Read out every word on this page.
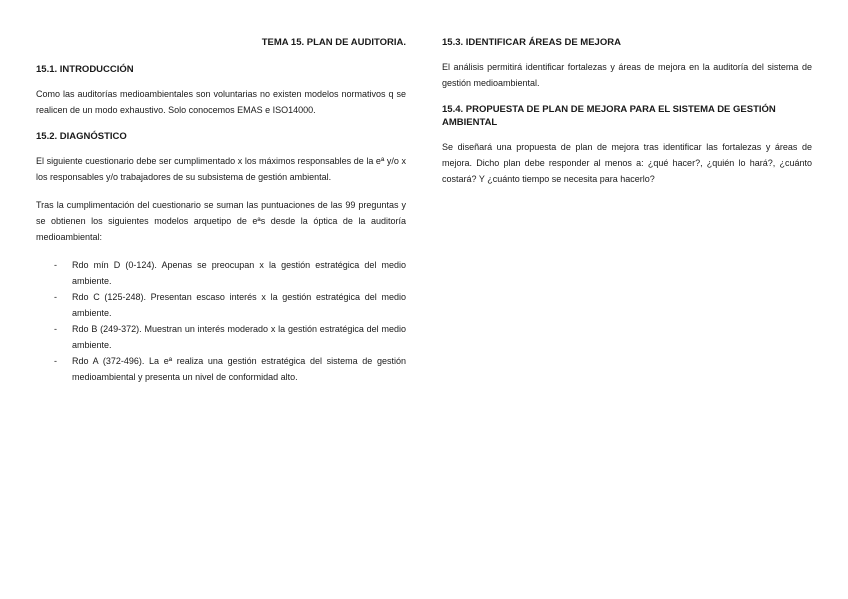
TEMA 15. PLAN DE AUDITORIA.
15.1. INTRODUCCIÓN

Como las auditorías medioambientales son voluntarias no existen modelos normativos q se realicen de un modo exhaustivo. Solo conocemos EMAS e ISO14000.

15.2. DIAGNÓSTICO

El siguiente cuestionario debe ser cumplimentado x los máximos responsables de la eª y/o x los responsables y/o trabajadores de su subsistema de gestión ambiental.

Tras la cumplimentación del cuestionario se suman las puntuaciones de las 99 preguntas y se obtienen los siguientes modelos arquetipo de eªs desde la óptica de la auditoría medioambiental:

- Rdo mín D (0-124). Apenas se preocupan x la gestión estratégica del medio ambiente.
- Rdo C (125-248). Presentan escaso interés x la gestión estratégica del medio ambiente.
- Rdo B (249-372). Muestran un interés moderado x la gestión estratégica del medio ambiente.
- Rdo A (372-496). La eª realiza una gestión estratégica del sistema de gestión medioambiental y presenta un nivel de conformidad alto.
15.3. IDENTIFICAR ÁREAS DE MEJORA

El análisis permitirá identificar fortalezas y áreas de mejora en la auditoría del sistema de gestión medioambiental.

15.4. PROPUESTA DE PLAN DE MEJORA PARA EL SISTEMA DE GESTIÓN AMBIENTAL

Se diseñará una propuesta de plan de mejora tras identificar las fortalezas y áreas de mejora. Dicho plan debe responder al menos a: ¿qué hacer?, ¿quién lo hará?, ¿cuánto costará? Y ¿cuánto tiempo se necesita para hacerlo?
